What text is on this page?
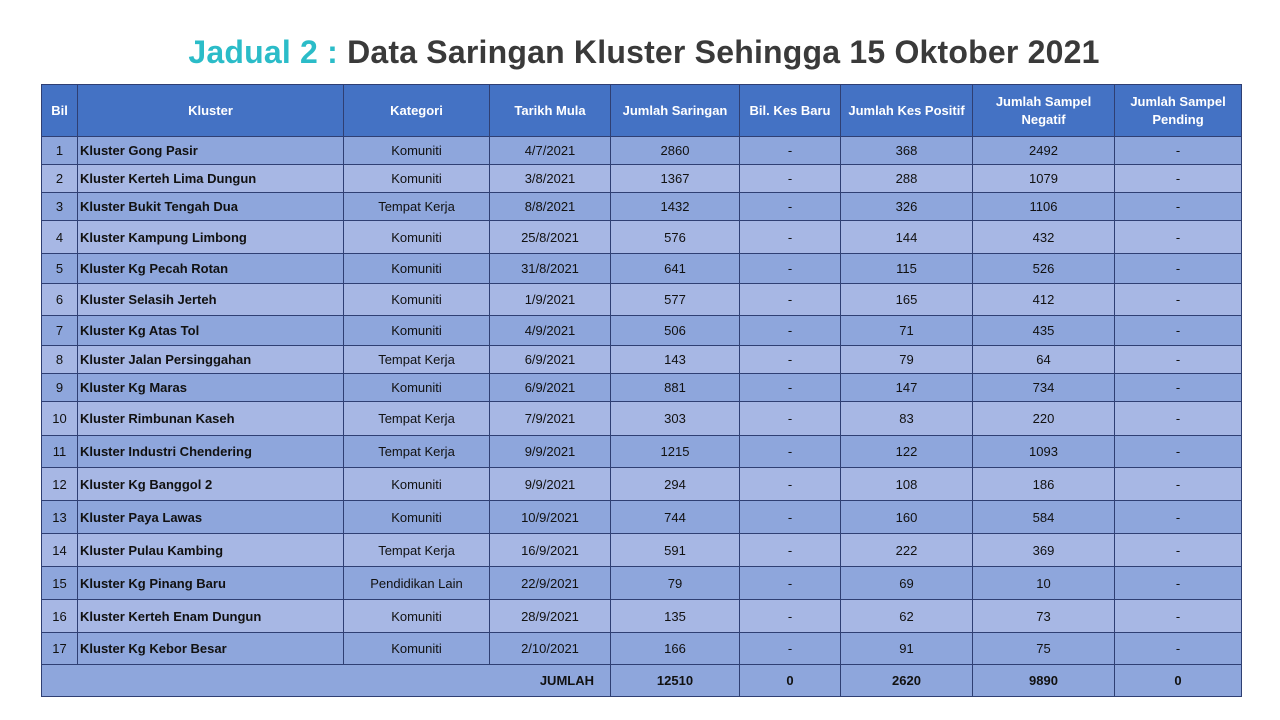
Jadual 2 : Data Saringan Kluster Sehingga 15 Oktober 2021
Bil	Kluster	Kategori	Tarikh Mula	Jumlah Saringan	Bil. Kes Baru	Jumlah Kes Positif	Jumlah Sampel Negatif	Jumlah Sampel Pending
1	Kluster Gong Pasir	Komuniti	4/7/2021	2860	-	368	2492	-
2	Kluster Kerteh Lima Dungun	Komuniti	3/8/2021	1367	-	288	1079	-
3	Kluster Bukit Tengah Dua	Tempat Kerja	8/8/2021	1432	-	326	1106	-
4	Kluster Kampung Limbong	Komuniti	25/8/2021	576	-	144	432	-
5	Kluster Kg Pecah Rotan	Komuniti	31/8/2021	641	-	115	526	-
6	Kluster Selasih Jerteh	Komuniti	1/9/2021	577	-	165	412	-
7	Kluster Kg Atas Tol	Komuniti	4/9/2021	506	-	71	435	-
8	Kluster Jalan Persinggahan	Tempat Kerja	6/9/2021	143	-	79	64	-
9	Kluster Kg Maras	Komuniti	6/9/2021	881	-	147	734	-
10	Kluster Rimbunan Kaseh	Tempat Kerja	7/9/2021	303	-	83	220	-
11	Kluster Industri Chendering	Tempat Kerja	9/9/2021	1215	-	122	1093	-
12	Kluster Kg Banggol 2	Komuniti	9/9/2021	294	-	108	186	-
13	Kluster Paya Lawas	Komuniti	10/9/2021	744	-	160	584	-
14	Kluster Pulau Kambing	Tempat Kerja	16/9/2021	591	-	222	369	-
15	Kluster Kg Pinang Baru	Pendidikan Lain	22/9/2021	79	-	69	10	-
16	Kluster Kerteh Enam Dungun	Komuniti	28/9/2021	135	-	62	73	-
17	Kluster Kg Kebor Besar	Komuniti	2/10/2021	166	-	91	75	-
JUMLAH				12510	0	2620	9890	0
